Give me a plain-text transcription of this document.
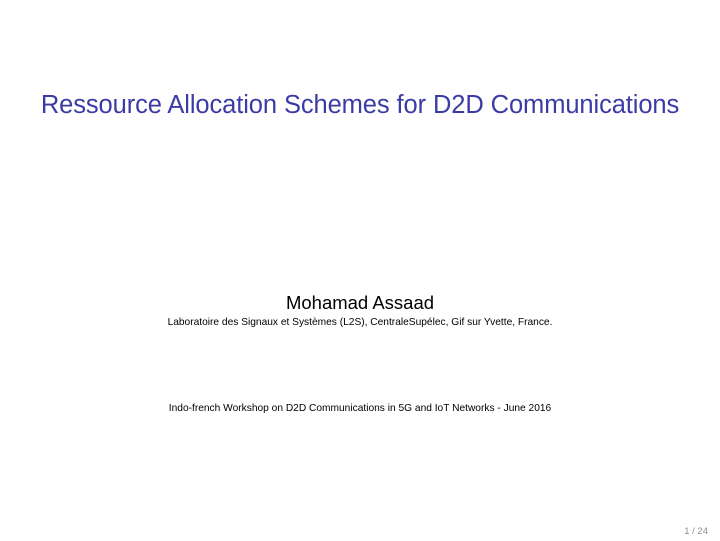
Ressource Allocation Schemes for D2D Communications
Mohamad Assaad
Laboratoire des Signaux et Systèmes (L2S), CentraleSupélec, Gif sur Yvette, France.
Indo-french Workshop on D2D Communications in 5G and IoT Networks - June 2016
1 / 24
